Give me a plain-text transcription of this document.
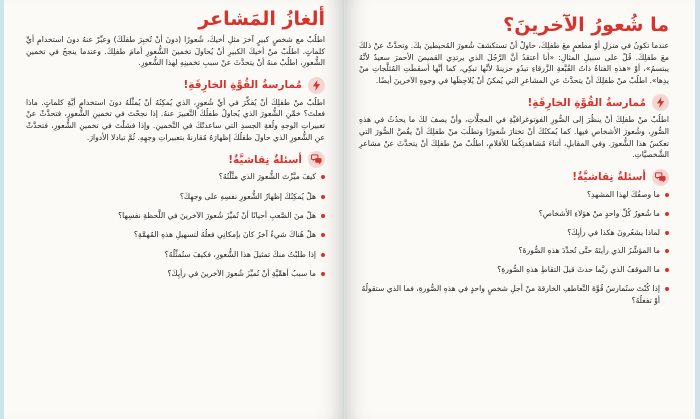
ألغازُ المَشاعر

اطلُبْ مع شخصٍ كبيرٍ آخرَ مثلِ أخيكَ، شُعورًا (دونَ أنْ تُخبِرَ طفلَكَ) وعبِّرْ عنهُ دونَ استخدامِ أيِّ كلماتٍ. اطلُبْ منْ أخيكَ الكبيرِ أنْ يُحاولَ تخمينَ الشُّعورِ أمامَ طفلِكَ. وعندما ينجحُ في تخمينِ الشُّعورِ، اطلُبْ منهُ أنْ يتحدَّثَ عنْ سببِ تخمينِهِ لهذا الشُّعورِ.

مُمارسةُ القُوَّةِ الخارِقَةِ!

اطلُبْ منْ طفلِكَ أنْ يُفكِّرَ في أيِّ شُعورٍ، الذي يُمكِنُهُ أنْ يُمثِّلَهُ دونَ استخدامِ أيَّةِ كلماتٍ. ماذا فعلتَ؟ خمِّنِ الشُّعورَ الذي يُحاولُ طفلُكَ التَّعبيرَ عنهُ. إذا نجحْتَ في تخمينِ الشُّعورِ، فتحدَّثْ عنْ تعبيراتِ الوجهِ ولُغةِ الجسدِ التي ساعدتْكَ في التَّخمينِ. وإذا فشلْتَ في تخمينِ الشُّعورِ، فتحدَّثْ عنِ الشُّعورِ الذي حاولَ طفلُكَ إظهارَهُ مُقارنةً بتعبيراتِ وجهِهِ. ثُمَّ تبادلا الأدوارَ.

أسئلةٌ نِقاشيَّةٌ!
كيفَ ميَّزْتَ الشُّعورَ الذي مثَّلْتُهُ؟
هلْ يُمكِنُكَ إظهارُ الشُّعورِ نفسِهِ على وجهِكَ؟
هلْ منَ الصَّعبِ أحيانًا أنْ تُميِّزَ شُعورَ الآخرينَ في اللَّحظةِ نفسِها؟
هلْ هُناكَ شيءٌ آخرُ كانَ بإمكانِي فعلُهُ لتسهيلِ هذهِ المُهمَّةِ؟
إذا طلبْتُ منكَ تمثيلَ هذا الشُّعورِ، فكيفَ ستُمثِّلُهُ؟
ما سببُ أهمِّيَّةِ أنْ تُميِّزَ شُعورَ الآخرينَ في رأيِكَ؟
ما شُعورُ الآخرينَ؟

عندما تكونُ في منزلِ أوْ مطعمٍ معَ طفلِكَ، حاولْ أنْ تستكشفَ شُعورَ المُحيطينَ بكَ. وتحدَّثْ عنْ ذلكَ معَ طفلِكَ. قُلْ على سبيلِ المثالِ: «أنا أعتقدُ أنَّ الرَّجُلَ الذي يرتدِي القميصَ الأحمرَ سعيدٌ لأنَّهُ يبتسمُ»، أوْ «هذهِ الفتاةُ ذاتُ القُبَّعةِ الزَّرقاءِ تبدُو حزينةً لأنَّها تبكِي، كما أنَّها أسقطَتِ المُثلَّجاتِ منْ يدِها». اطلُبْ منْ طفلِكَ أنْ يتحدَّثَ عنِ المشاعرِ التي يُمكنُ أنْ يُلاحِظَها في وجوهِ الآخرينَ أيضًا.

مُمارسةُ القُوَّةِ الخارِقَةِ!

اطلُبْ منْ طفلِكَ أنْ ينظُرَ إلى الصُّورِ الفوتوغرافيَّةِ في المجلَّاتِ، وأنْ يصفَ لكَ ما يحدُثُ في هذهِ الصُّورِ، وشُعورَ الأشخاصِ فيها. كما يُمكنُكَ أنْ تختارَ شُعورًا وتطلُبَ منْ طفلِكَ أنْ يقُصَّ الصُّورَ التي تعكسُ هذا الشُّعورَ. وفي المقابلِ، أثناءَ مُشاهدتِكُما للأفلامِ، اطلُبْ منْ طفلِكَ أنْ يتحدَّثَ عنْ مشاعرِ الشَّخصيَّاتِ.

أسئلةٌ نِقاشيَّةٌ!
ما وصفُكَ لهذا المشهدِ؟
ما شُعورُ كُلِّ واحدٍ منْ هؤلاءِ الأشخاصِ؟
لماذا يشعُرونَ هكذا في رأيِكَ؟
ما المؤشِّرُ الذي رأيتَهُ حتَّى تُحدِّدَ هذهِ الصُّورةَ؟
ما الموقفُ الذي ربَّما حدثَ قبلَ التقاطِ هذهِ الصُّورةِ؟
إذا كُنْتَ ستُمارسُ قُوَّةَ التَّعاطفِ الخارقةَ منْ أجلِ شخصٍ واحدٍ في هذهِ الصُّورةِ، فما الذي ستقولُهُ أوْ تفعلُهُ؟
